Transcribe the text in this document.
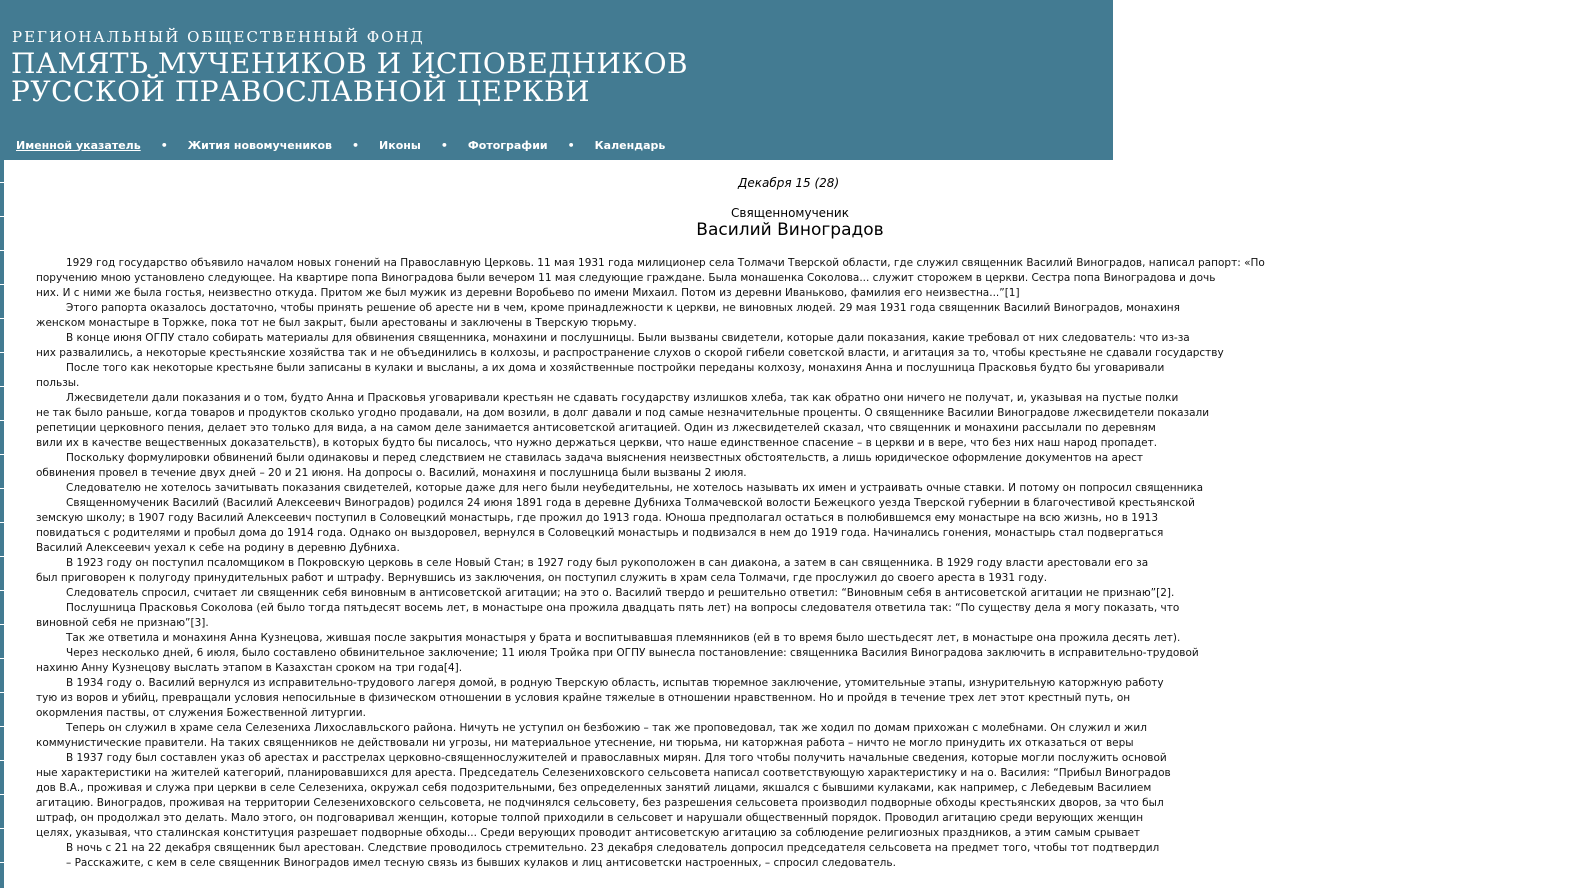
РЕГИОНАЛЬНЫЙ ОБЩЕСТВЕННЫЙ ФОНД
ПАМЯТЬ МУЧЕНИКОВ И ИСПОВЕДНИКОВ
РУССКОЙ ПРАВОСЛАВНОЙ ЦЕРКВИ
Именной указатель • Жития новомучеников • Иконы • Фотографии • Календарь
Декабря 15 (28)
Священномученик
Василий Виноградов
1929 год государство объявило началом новых гонений на Православную Церковь. 11 мая 1931 года милиционер села Толмачи Тверской области, где служил священник Василий Виноградов, написал рапорт: «По
поручению мною установлено следующее. На квартире попа Виноградова были вечером 11 мая следующие граждане. Была монашенка Соколова... служит сторожем в церкви. Сестра попа Виноградова и дочь
них. И с ними же была гостья, неизвестно откуда. Притом же был мужик из деревни Воробьево по имени Михаил. Потом из деревни Иваньково, фамилия его неизвестна...”[1]
Этого рапорта оказалось достаточно, чтобы принять решение об аресте ни в чем, кроме принадлежности к церкви, не виновных людей. 29 мая 1931 года священник Василий Виноградов, монахиня
женском монастыре в Торжке, пока тот не был закрыт, были арестованы и заключены в Тверскую тюрьму.
В конце июня ОГПУ стало собирать материалы для обвинения священника, монахини и послушницы. Были вызваны свидетели, которые дали показания, какие требовал от них следователь: что из-за
них развалились, а некоторые крестьянские хозяйства так и не объединились в колхозы, и распространение слухов о скорой гибели советской власти, и агитация за то, чтобы крестьяне не сдавали государству
После того как некоторые крестьяне были записаны в кулаки и высланы, а их дома и хозяйственные постройки переданы колхозу, монахиня Анна и послушница Прасковья будто бы уговаривали
пользы.
Лжесвидетели дали показания и о том, будто Анна и Прасковья уговаривали крестьян не сдавать государству излишков хлеба, так как обратно они ничего не получат, и, указывая на пустые полки
не так было раньше, когда товаров и продуктов сколько угодно продавали, на дом возили, в долг давали и под самые незначительные проценты. О священнике Василии Виноградове лжесвидетели показали
репетиции церковного пения, делает это только для вида, а на самом деле занимается антисоветской агитацией. Один из лжесвидетелей сказал, что священник и монахини рассылали по деревням
вили их в качестве вещественных доказательств), в которых будто бы писалось, что нужно держаться церкви, что наше единственное спасение – в церкви и в вере, что без них наш народ пропадет.
Поскольку формулировки обвинений были одинаковы и перед следствием не ставилась задача выяснения неизвестных обстоятельств, а лишь юридическое оформление документов на арест
обвинения провел в течение двух дней – 20 и 21 июня. На допросы о. Василий, монахиня и послушница были вызваны 2 июля.
Следователю не хотелось зачитывать показания свидетелей, которые даже для него были неубедительны, не хотелось называть их имен и устраивать очные ставки. И потому он попросил священника
Священномученик Василий (Василий Алексеевич Виноградов) родился 24 июня 1891 года в деревне Дубниха Толмачевской волости Бежецкого уезда Тверской губернии в благочестивой крестьянской
земскую школу; в 1907 году Василий Алексеевич поступил в Соловецкий монастырь, где прожил до 1913 года. Юноша предполагал остаться в полюбившемся ему монастыре на всю жизнь, но в 1913
повидаться с родителями и пробыл дома до 1914 года. Однако он выздоровел, вернулся в Соловецкий монастырь и подвизался в нем до 1919 года. Начинались гонения, монастырь стал подвергаться
Василий Алексеевич уехал к себе на родину в деревню Дубниха.
В 1923 году он поступил псаломщиком в Покровскую церковь в селе Новый Стан; в 1927 году был рукоположен в сан диакона, а затем в сан священника. В 1929 году власти арестовали его за
был приговорен к полугоду принудительных работ и штрафу. Вернувшись из заключения, он поступил служить в храм села Толмачи, где прослужил до своего ареста в 1931 году.
Следователь спросил, считает ли священник себя виновным в антисоветской агитации; на это о. Василий твердо и решительно ответил: “Виновным себя в антисоветской агитации не признаю”[2].
Послушница Прасковья Соколова (ей было тогда пятьдесят восемь лет, в монастыре она прожила двадцать пять лет) на вопросы следователя ответила так: “По существу дела я могу показать, что
виновной себя не признаю”[3].
Так же ответила и монахиня Анна Кузнецова, жившая после закрытия монастыря у брата и воспитывавшая племянников (ей в то время было шестьдесят лет, в монастыре она прожила десять лет).
Через несколько дней, 6 июля, было составлено обвинительное заключение; 11 июля Тройка при ОГПУ вынесла постановление: священника Василия Виноградова заключить в исправительно-трудовой
нахиню Анну Кузнецову выслать этапом в Казахстан сроком на три года[4].
В 1934 году о. Василий вернулся из исправительно-трудового лагеря домой, в родную Тверскую область, испытав тюремное заключение, утомительные этапы, изнурительную каторжную работу
тую из воров и убийц, превращали условия непосильные в физическом отношении в условия крайне тяжелые в отношении нравственном. Но и пройдя в течение трех лет этот крестный путь, он
окормления паствы, от служения Божественной литургии.
Теперь он служил в храме села Селезениха Лихославльского района. Ничуть не уступил он безбожию – так же проповедовал, так же ходил по домам прихожан с молебнами. Он служил и жил
коммунистические правители. На таких священников не действовали ни угрозы, ни материальное утеснение, ни тюрьма, ни каторжная работа – ничто не могло принудить их отказаться от веры
В 1937 году был составлен указ об арестах и расстрелах церковно-священнослужителей и православных мирян. Для того чтобы получить начальные сведения, которые могли послужить основой
ные характеристики на жителей категорий, планировавшихся для ареста. Председатель Селезениховского сельсовета написал соответствующую характеристику и на о. Василия: “Прибыл Виноградов
дов В.А., проживая и служа при церкви в селе Селезениха, окружал себя подозрительными, без определенных занятий лицами, якшался с бывшими кулаками, как например, с Лебедевым Василием
агитацию. Виноградов, проживая на территории Селезениховского сельсовета, не подчинялся сельсовету, без разрешения сельсовета производил подворные обходы крестьянских дворов, за что был
штраф, он продолжал это делать. Мало этого, он подговаривал женщин, которые толпой приходили в сельсовет и нарушали общественный порядок. Проводил агитацию среди верующих женщин
целях, указывая, что сталинская конституция разрешает подворные обходы... Среди верующих проводит антисоветскую агитацию за соблюдение религиозных праздников, а этим самым срывает
В ночь с 21 на 22 декабря священник был арестован. Следствие проводилось стремительно. 23 декабря следователь допросил председателя сельсовета на предмет того, чтобы тот подтвердил
– Расскажите, с кем в селе священник Виноградов имел тесную связь из бывших кулаков и лиц антисоветски настроенных, – спросил следователь.
